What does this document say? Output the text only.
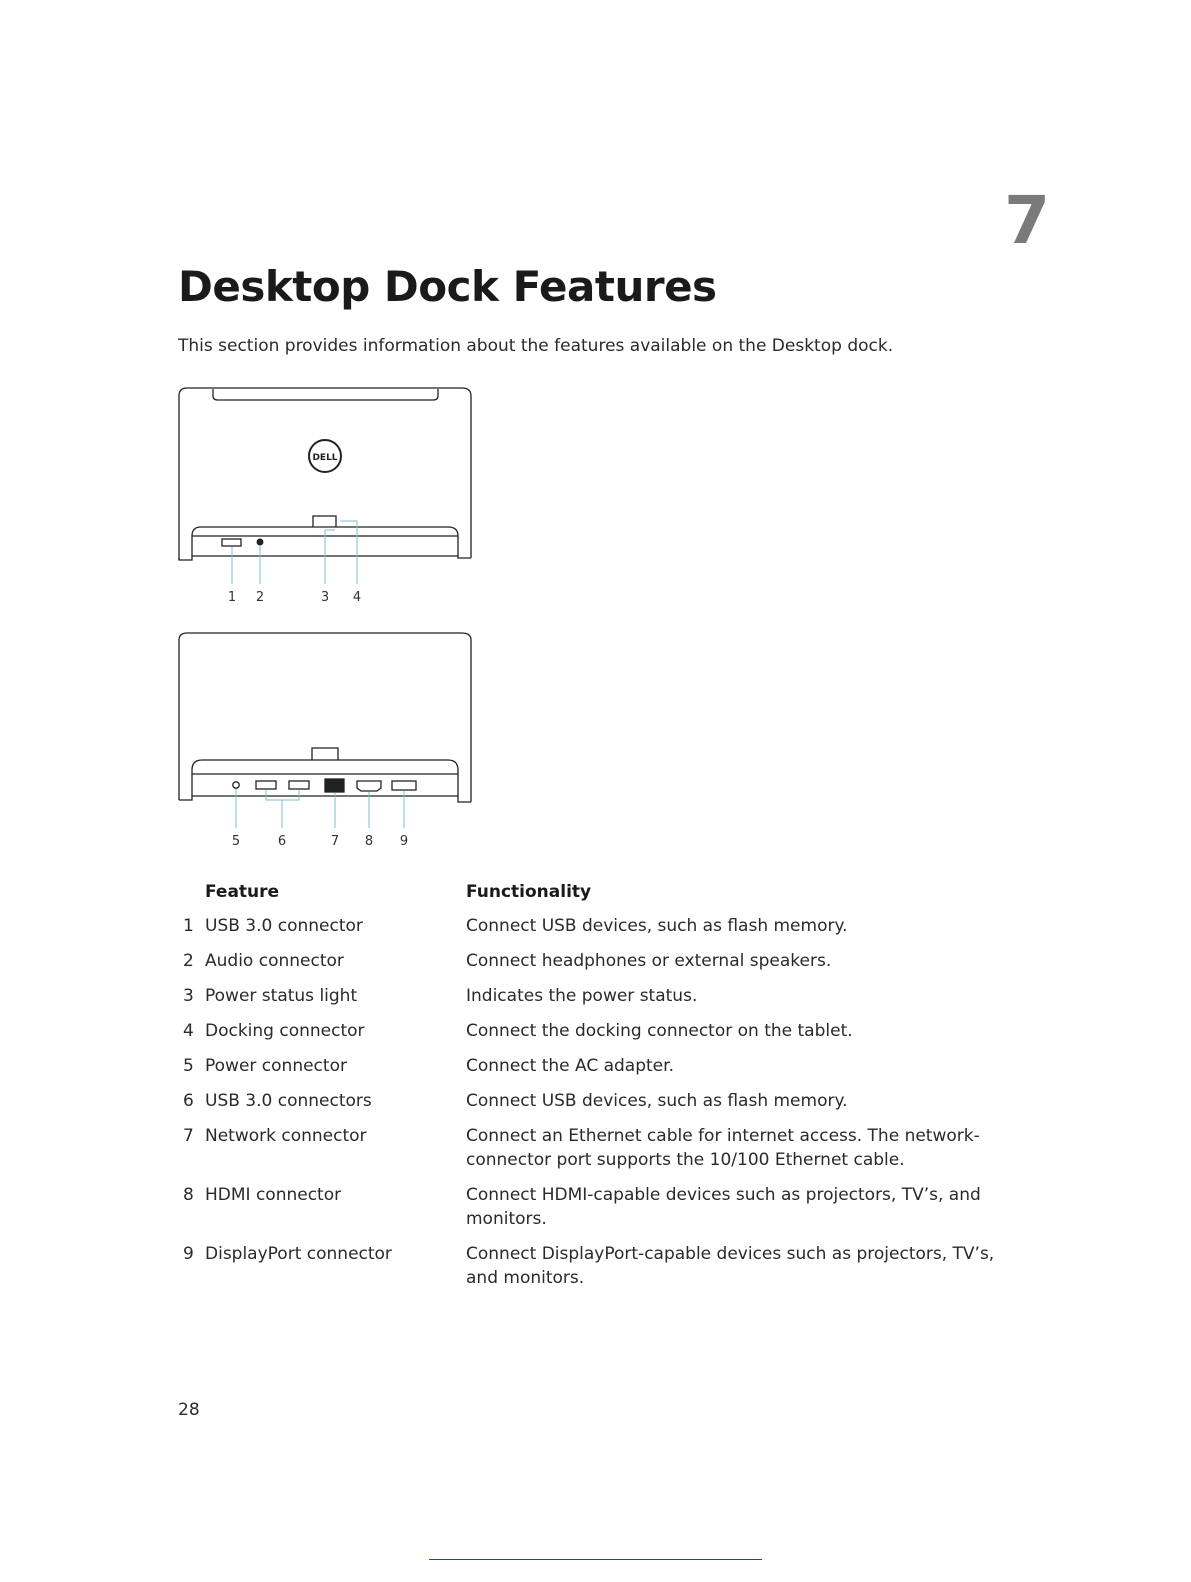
7
Desktop Dock Features

This section provides information about the features available on the Desktop dock.

DELL
1 2	3 4
5	6	7 8 9
	Feature	Functionality
1	USB 3.0 connector	Connect USB devices, such as flash memory.
2	Audio connector	Connect headphones or external speakers.
3	Power status light	Indicates the power status.
4	Docking connector	Connect the docking connector on the tablet.
5	Power connector	Connect the AC adapter.
6	USB 3.0 connectors	Connect USB devices, such as flash memory.
7	Network connector	Connect an Ethernet cable for internet access. The network-connector port supports the 10/100 Ethernet cable.
8	HDMI connector	Connect HDMI-capable devices such as projectors, TV’s, and monitors.
9	DisplayPort connector	Connect DisplayPort-capable devices such as projectors, TV’s, and monitors.
28
